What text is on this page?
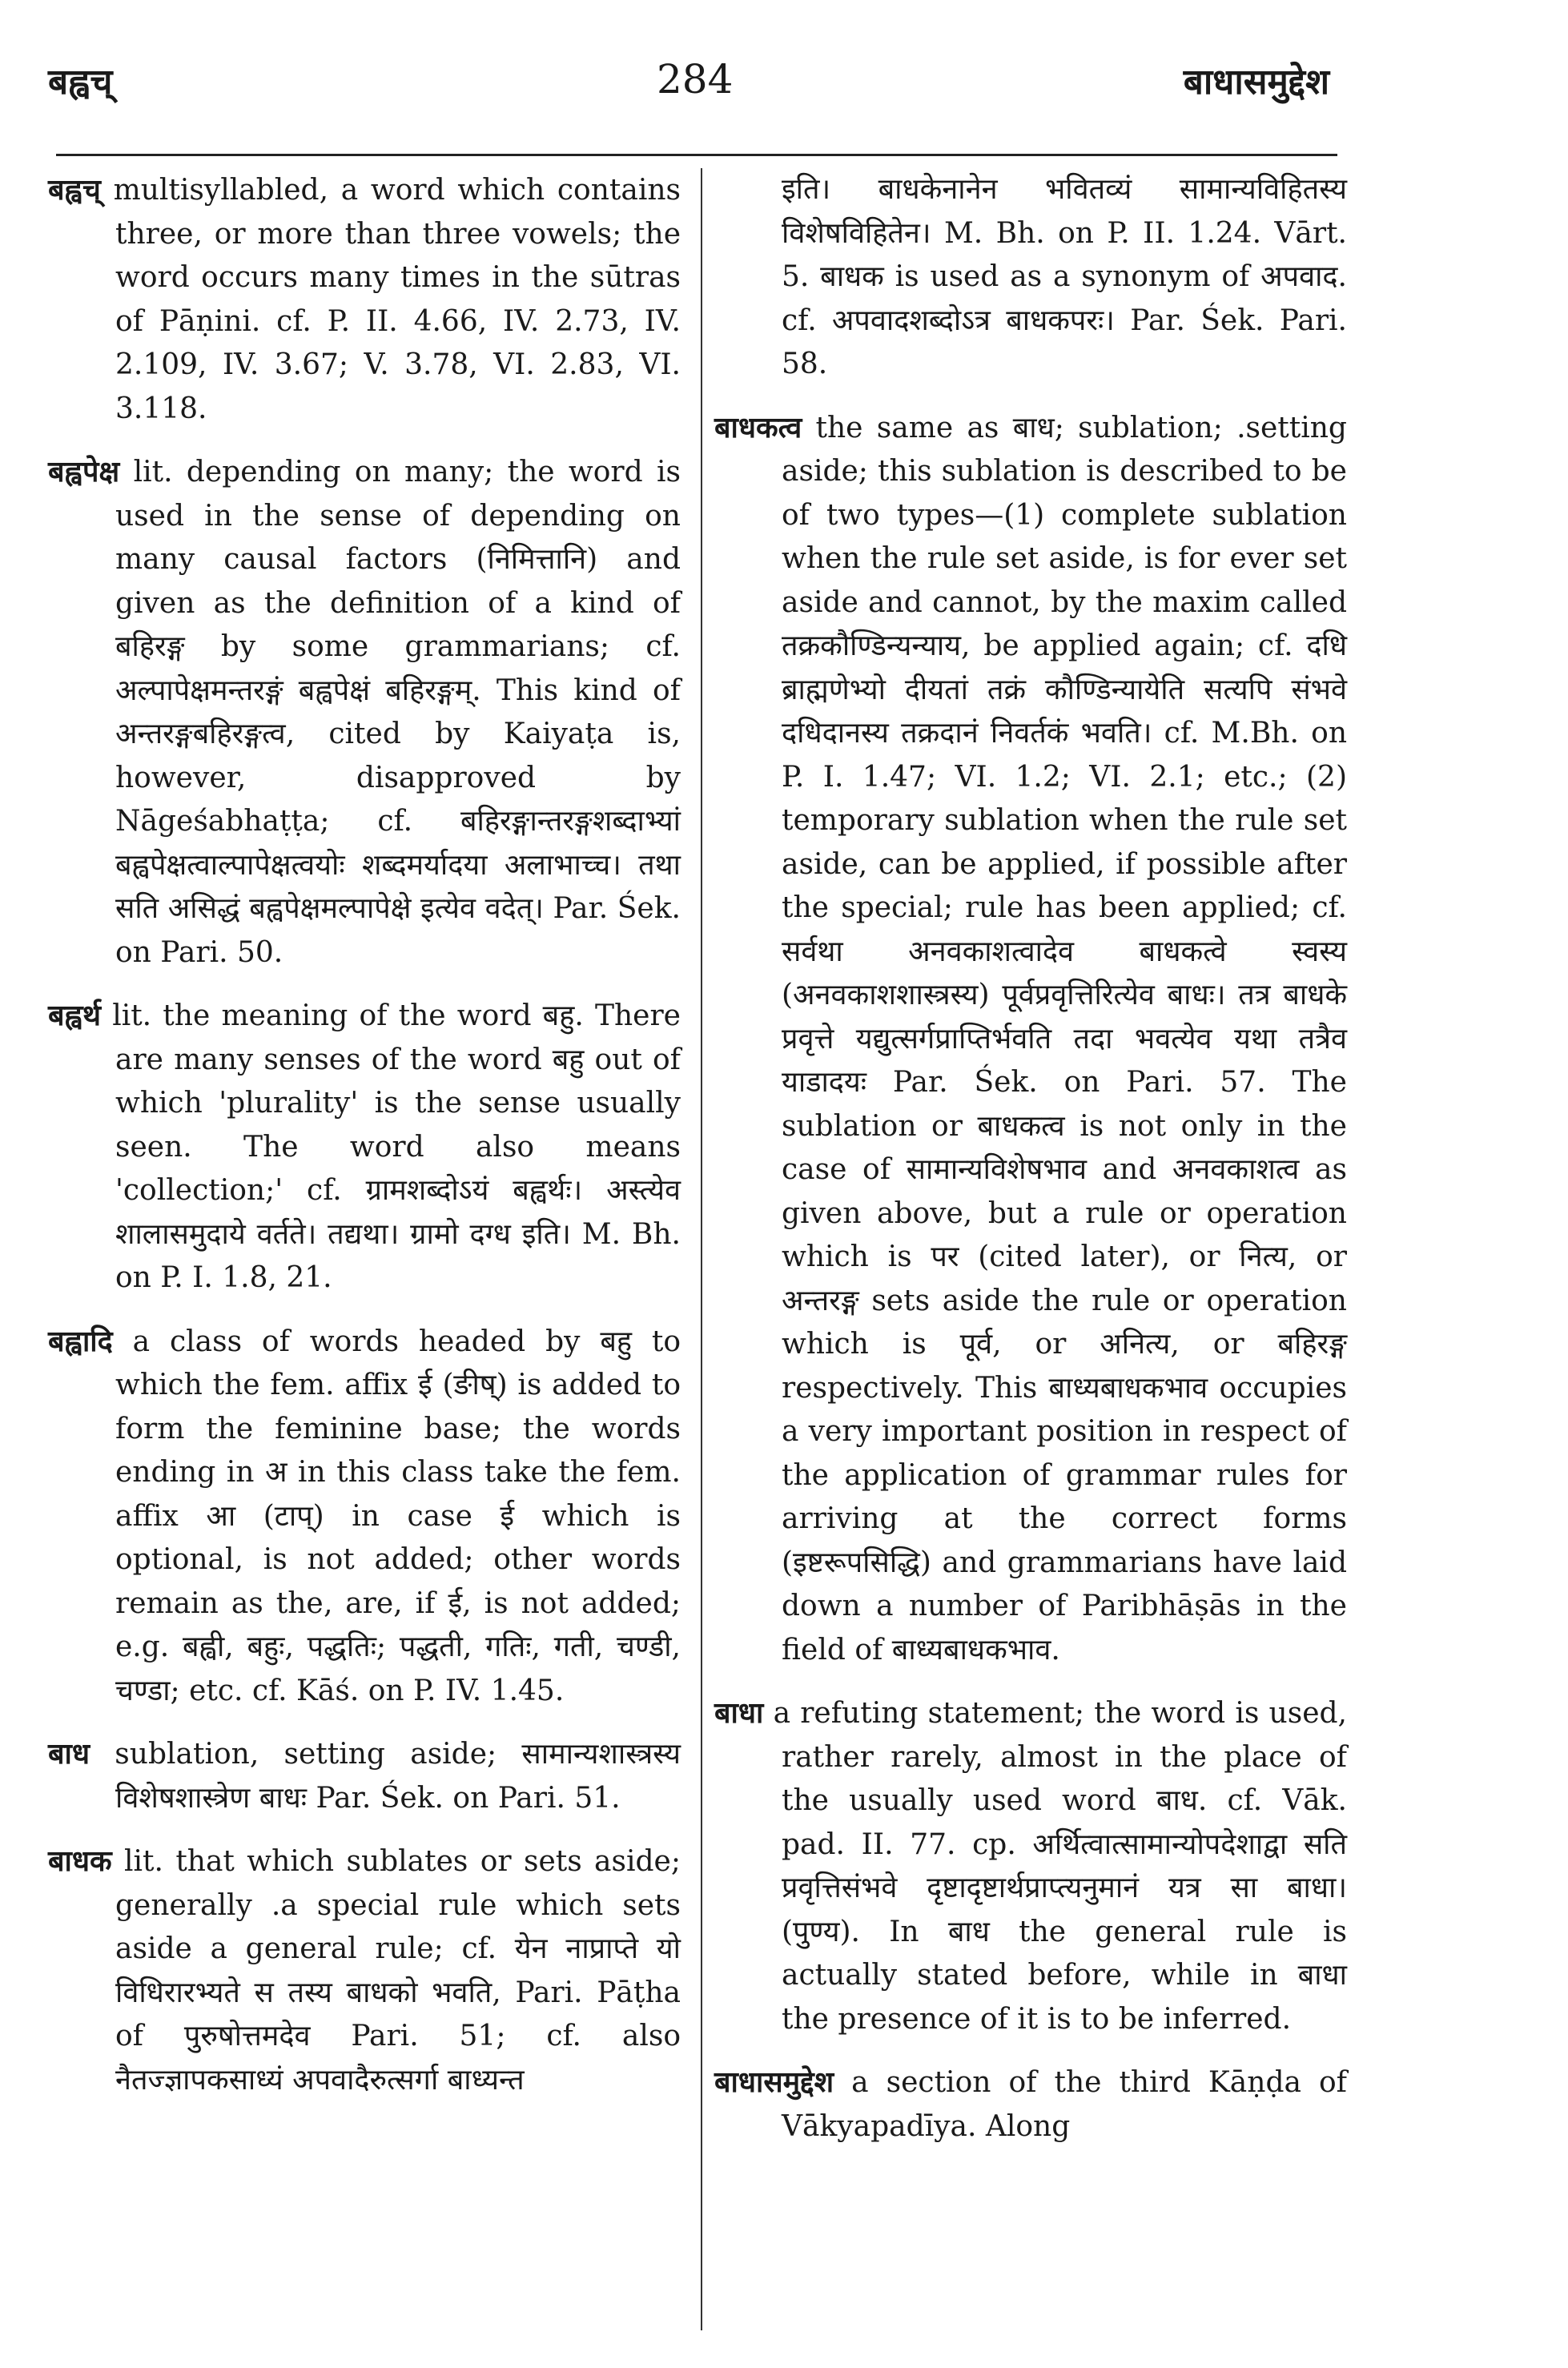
बह्वच्	284	बाधासमुद्देश

बह्वच् multisyllabled, a word which contains three, or more than three vowels; the word occurs many times in the sūtras of Pāṇini. cf. P. II. 4.66, IV. 2.73, IV. 2.109, IV. 3.67; V. 3.78, VI. 2.83, VI. 3.118.

बह्वपेक्ष lit. depending on many; the word is used in the sense of depending on many causal factors (निमित्तानि) and given as the definition of a kind of बहिरङ्ग by some grammarians; cf. अल्पापेक्षमन्तरङ्गं बह्वपेक्षं बहिरङ्गम्. This kind of अन्तरङ्गबहिरङ्गत्व, cited by Kaiyaṭa is, however, disapproved by Nāgeśabhaṭṭa; cf. बहिरङ्गान्तरङ्गशब्दाभ्यां बह्वपेक्षत्वाल्पापेक्षत्वयोः शब्दमर्यादया अलाभाच्च। तथा सति असिद्धं बह्वपेक्षमल्पापेक्षे इत्येव वदेत्। Par. Śek. on Pari. 50.

बह्वर्थ lit. the meaning of the word बहु. There are many senses of the word बहु out of which 'plurality' is the sense usually seen. The word also means 'collection;' cf. ग्रामशब्दोऽयं बह्वर्थः। अस्त्येव शालासमुदाये वर्तते। तद्यथा। ग्रामो दग्ध इति। M. Bh. on P. I. 1.8, 21.

बह्वादि a class of words headed by बहु to which the fem. affix ई (ङीष्) is added to form the feminine base; the words ending in अ in this class take the fem. affix आ (टाप्) in case ई which is optional, is not added; other words remain as the‚ are, if ई, is not added; e.g. बह्वी, बहुः, पद्धतिः; पद्धती, गतिः, गती, चण्डी, चण्डा; etc. cf. Kāś. on P. IV. 1.45.

बाध sublation, setting aside; सामान्यशास्त्रस्य विशेषशास्त्रेण बाधः Par. Śek. on Pari. 51.

बाधक lit. that which sublates or sets aside; generally .a special rule which sets aside a general rule; cf. येन नाप्राप्ते यो विधिरारभ्यते स तस्य बाधको भवति, Pari. Pāṭha of पुरुषोत्तमदेव Pari. 51; cf. also नैतज्ज्ञापकसाध्यं अपवादैरुत्सर्गा बाध्यन्त

इति। बाधकेनानेन भवितव्यं सामान्यविहितस्य विशेषविहितेन। M. Bh. on P. II. 1.24. Vārt. 5. बाधक is used as a synonym of अपवाद. cf. अपवादशब्दोऽत्र बाधकपरः। Par. Śek. Pari. 58.

बाधकत्व the same as बाध; sublation; .setting aside; this sublation is described to be of two types—(1) complete sublation when the rule set aside, is for ever set aside and cannot, by the maxim called तक्रकौण्डिन्यन्याय, be applied again; cf. दधि ब्राह्मणेभ्यो दीयतां तक्रं कौण्डिन्यायेति सत्यपि संभवे दधिदानस्य तक्रदानं निवर्तकं भवति। cf. M.Bh. on P. I. 1.47; VI. 1.2; VI. 2.1; etc.; (2) temporary sublation when the rule set aside, can be applied, if possible after the special; rule has been applied; cf. सर्वथा अनवकाशत्वादेव बाधकत्वे स्वस्य (अनवकाशशास्त्रस्य) पूर्वप्रवृत्तिरित्येव बाधः। तत्र बाधके प्रवृत्ते यद्युत्सर्गप्राप्तिर्भवति तदा भवत्येव यथा तत्रैव याडादयः Par. Śek. on Pari. 57. The sublation or बाधकत्व is not only in the case of सामान्यविशेषभाव and अनवकाशत्व as given above, but a rule or operation which is पर (cited later), or नित्य, or अन्तरङ्ग sets aside the rule or operation which is पूर्व, or अनित्य, or बहिरङ्ग respectively. This बाध्यबाधकभाव occupies a very important position in respect of the application of grammar rules for arriving at the correct forms (इष्टरूपसिद्धि) and grammarians have laid down a number of Paribhāṣās in the field of बाध्यबाधकभाव.

बाधा a refuting statement; the word is used, rather rarely, almost in the place of the usually used word बाध. cf. Vāk. pad. II. 77. cp. अर्थित्वात्सामान्योपदेशाद्वा सति प्रवृत्तिसंभवे दृष्टादृष्टार्थप्राप्त्यनुमानं यत्र सा बाधा। (पुण्य). In बाध the general rule is actually stated before, while in बाधा the presence of it is to be inferred.

बाधासमुद्देश a section of the third Kāṇḍa of Vākyapadīya. Along
